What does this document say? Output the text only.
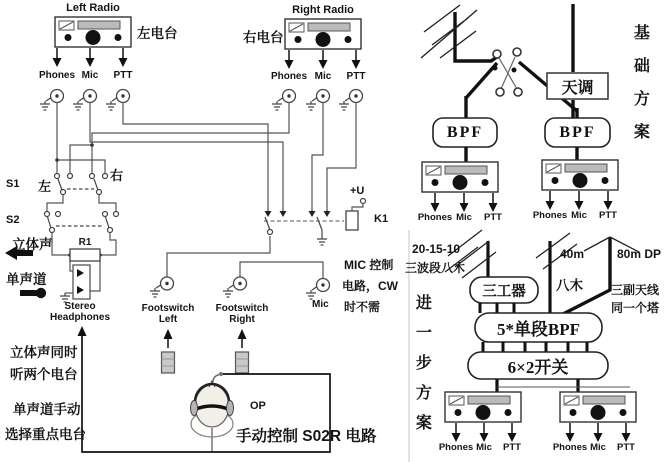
Left Radio
左电台
Right Radio
右电台
Phones Mic PTT	Phones Mic PTT
S1
S2
左
右
R1
立体声
单声道
Stereo
Headphones
Footswitch
Left
Footswitch
Right
+U
K1
Mic
MIC 控制
电路，CW
时不需
立体声同时
听两个电台
单声道手动
选择重点电台
OP
手动控制 S02R 电路
天调
BPF	BPF
Phones Mic PTT	Phones Mic PTT
20-15-10
三波段八木
三工器
40m
八木
80m DP
三副天线
同一个塔
5*单段BPF
6×2开关
Phones Mic PTT	Phones Mic PTT
基础方案
进一步方案
